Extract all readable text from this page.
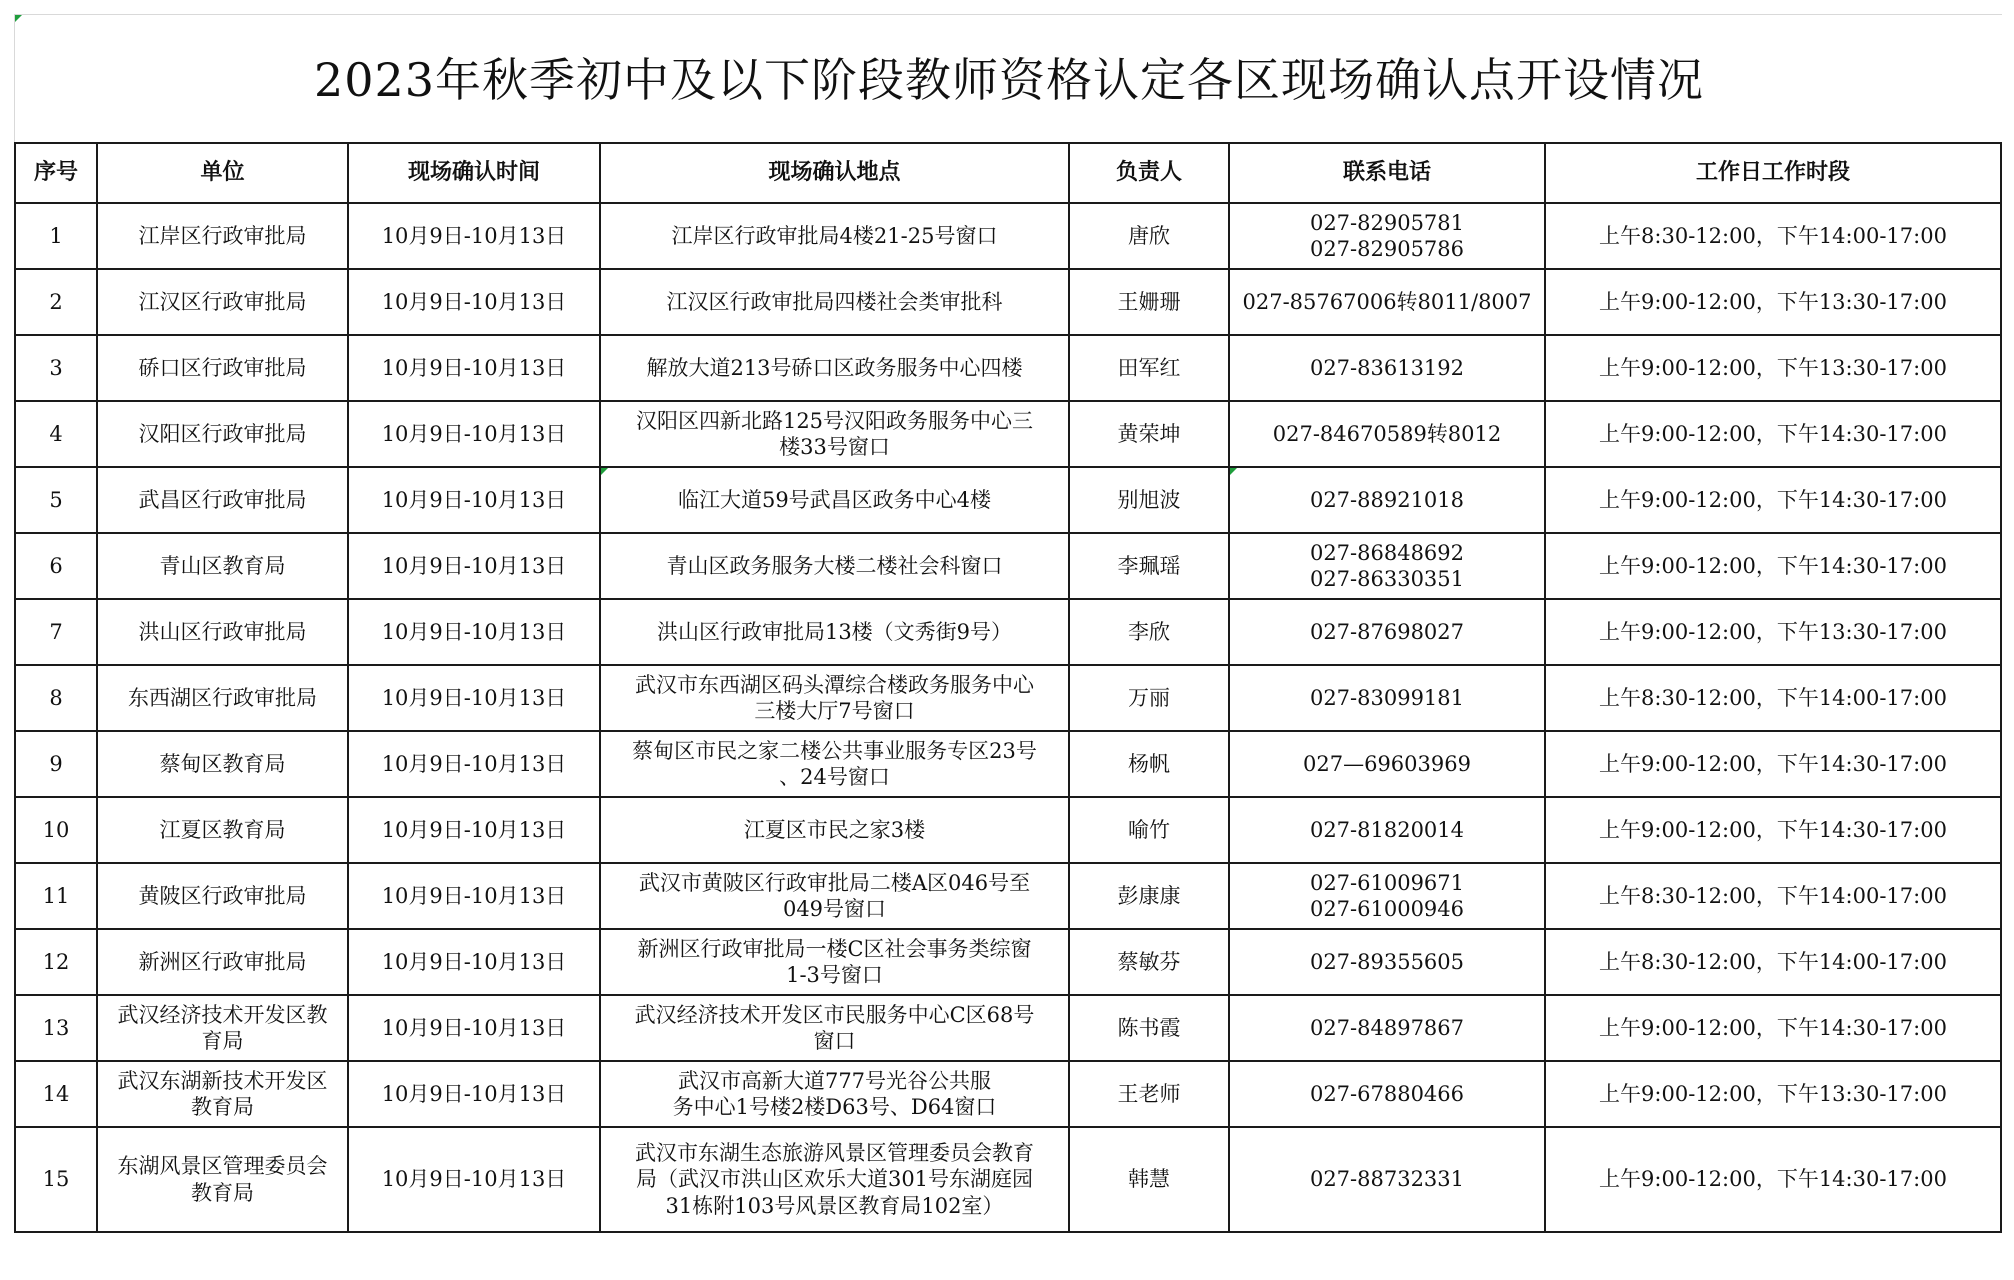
2023年秋季初中及以下阶段教师资格认定各区现场确认点开设情况
序号	单位	现场确认时间	现场确认地点	负责人	联系电话	工作日工作时段
1	江岸区行政审批局	10月9日-10月13日	江岸区行政审批局4楼21-25号窗口	唐欣	027-82905781
027-82905786	上午8:30-12:00，下午14:00-17:00
2	江汉区行政审批局	10月9日-10月13日	江汉区行政审批局四楼社会类审批科	王姗珊	027-85767006转8011/8007	上午9:00-12:00，下午13:30-17:00
3	硚口区行政审批局	10月9日-10月13日	解放大道213号硚口区政务服务中心四楼	田军红	027-83613192	上午9:00-12:00，下午13:30-17:00
4	汉阳区行政审批局	10月9日-10月13日	汉阳区四新北路125号汉阳政务服务中心三
楼33号窗口	黄荣坤	027-84670589转8012	上午9:00-12:00，下午14:30-17:00
5	武昌区行政审批局	10月9日-10月13日	临江大道59号武昌区政务中心4楼	别旭波	027-88921018	上午9:00-12:00，下午14:30-17:00
6	青山区教育局	10月9日-10月13日	青山区政务服务大楼二楼社会科窗口	李珮瑶	027-86848692
027-86330351	上午9:00-12:00，下午14:30-17:00
7	洪山区行政审批局	10月9日-10月13日	洪山区行政审批局13楼（文秀街9号）	李欣	027-87698027	上午9:00-12:00，下午13:30-17:00
8	东西湖区行政审批局	10月9日-10月13日	武汉市东西湖区码头潭综合楼政务服务中心
三楼大厅7号窗口	万丽	027-83099181	上午8:30-12:00，下午14:00-17:00
9	蔡甸区教育局	10月9日-10月13日	蔡甸区市民之家二楼公共事业服务专区23号
、24号窗口	杨帆	027—69603969	上午9:00-12:00，下午14:30-17:00
10	江夏区教育局	10月9日-10月13日	江夏区市民之家3楼	喻竹	027-81820014	上午9:00-12:00，下午14:30-17:00
11	黄陂区行政审批局	10月9日-10月13日	武汉市黄陂区行政审批局二楼A区046号至
049号窗口	彭康康	027-61009671
027-61000946	上午8:30-12:00，下午14:00-17:00
12	新洲区行政审批局	10月9日-10月13日	新洲区行政审批局一楼C区社会事务类综窗
1-3号窗口	蔡敏芬	027-89355605	上午8:30-12:00，下午14:00-17:00
13	武汉经济技术开发区教
育局	10月9日-10月13日	武汉经济技术开发区市民服务中心C区68号
窗口	陈书霞	027-84897867	上午9:00-12:00，下午14:30-17:00
14	武汉东湖新技术开发区
教育局	10月9日-10月13日	武汉市高新大道777号光谷公共服
务中心1号楼2楼D63号、D64窗口	王老师	027-67880466	上午9:00-12:00，下午13:30-17:00
15	东湖风景区管理委员会
教育局	10月9日-10月13日	武汉市东湖生态旅游风景区管理委员会教育
局（武汉市洪山区欢乐大道301号东湖庭园
31栋附103号风景区教育局102室）	韩慧	027-88732331	上午9:00-12:00，下午14:30-17:00
